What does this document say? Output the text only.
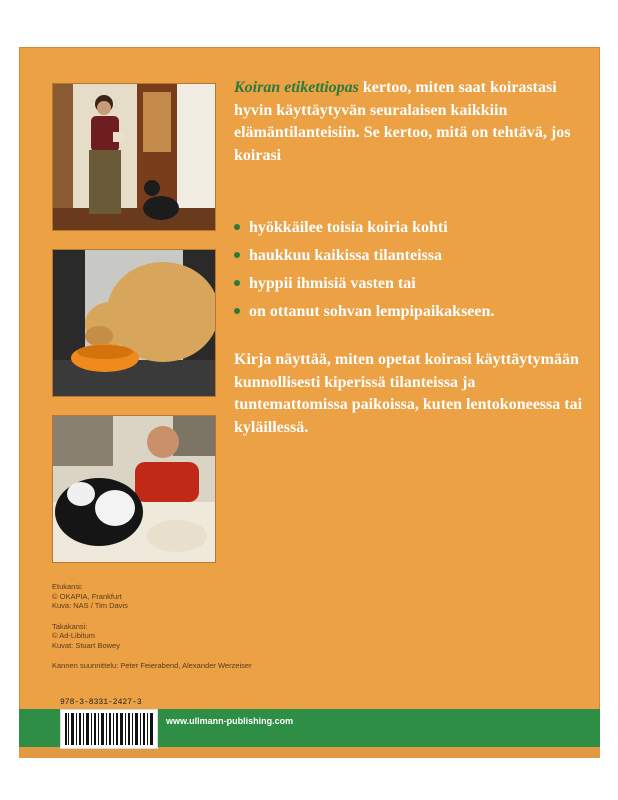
Koiran etikettiopas kertoo, miten saat koirastasi hyvin käyttäytyvän seuralaisen kaikkiin elämäntilanteisiin. Se kertoo, mitä on tehtävä, jos koirasi

hyökkäilee toisia koiria kohti
haukkuu kaikissa tilanteissa
hyppii ihmisiä vasten tai
on ottanut sohvan lempipaikakseen.

Kirja näyttää, miten opetat koirasi käyttäytymään kunnollisesti kiperissä tilanteissa ja tuntemattomissa paikoissa, kuten lentokoneessa tai kyläillessä.

Etukansi:
© OKAPIA, Frankfurt
Kuva: NAS / Tim Davis
Takakansi:
© Ad-Libitum
Kuvat: Stuart Bowey
Kannen suunnittelu: Peter Feierabend, Alexander Werzeiser
978-3-8331-2427-3
www.ullmann-publishing.com
